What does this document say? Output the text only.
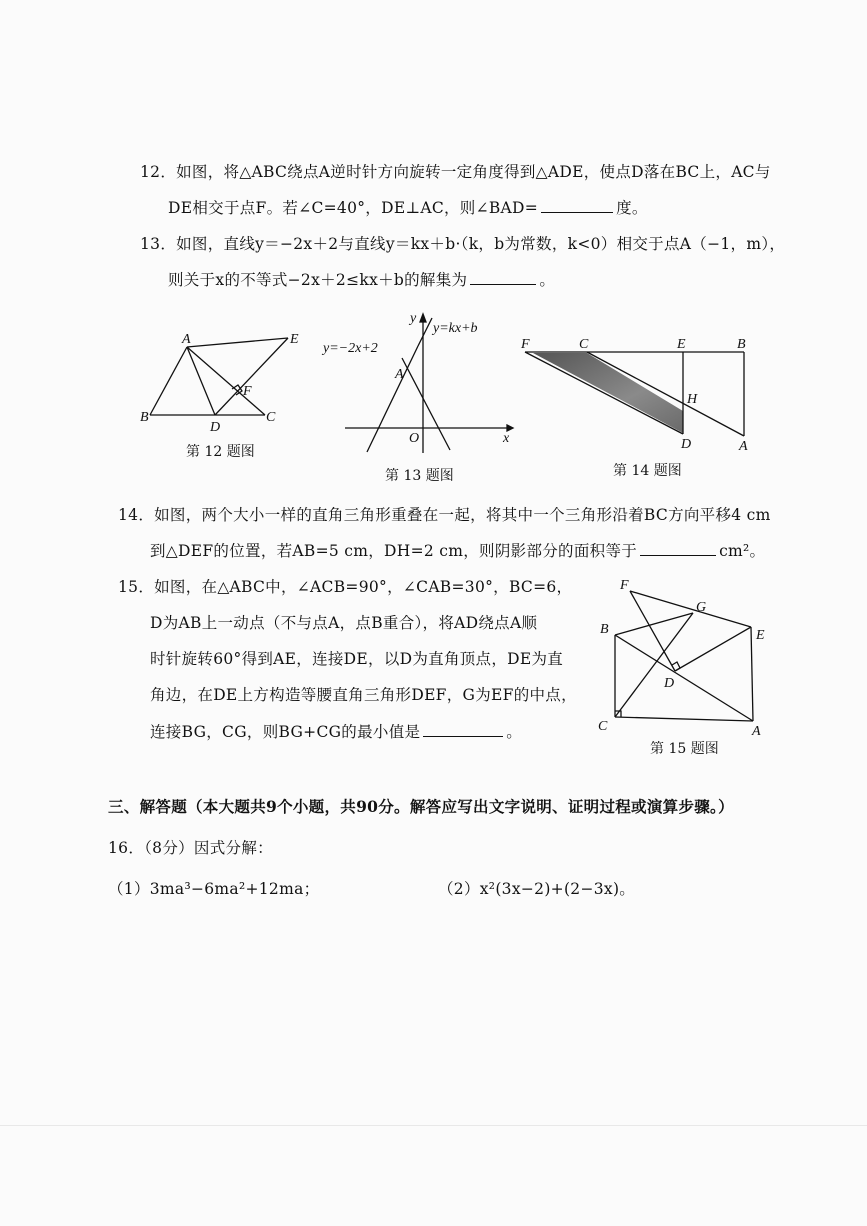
12．如图，将△ABC绕点A逆时针方向旋转一定角度得到△ADE，使点D落在BC上，AC与
DE相交于点F。若∠C=40°，DE⊥AC，则∠BAD=	度。
13．如图，直线y＝−2x＋2与直线y＝kx＋b·（k，b为常数，k<0）相交于点A（−1，m），
则关于x的不等式−2x＋2≤kx＋b的解集为	。
A
B	C
D
E
F
第 12 题图
y
x
O
A
y=−2x+2
y=kx+b
第 13 题图
F	C	E	B
H
D	A
第 14 题图
14．如图，两个大小一样的直角三角形重叠在一起，将其中一个三角形沿着BC方向平移4 cm
到△DEF的位置，若AB=5 cm，DH=2 cm，则阴影部分的面积等于	cm²。
15．如图，在△ABC中，∠ACB=90°，∠CAB=30°，BC=6，
D为AB上一动点（不与点A，点B重合），将AD绕点A顺
时针旋转60°得到AE，连接DE，以D为直角顶点，DE为直
角边，在DE上方构造等腰直角三角形DEF，G为EF的中点，
连接BG，CG，则BG+CG的最小值是	。
F
G
B	E
D
C	A
第 15 题图
三、解答题（本大题共9个小题，共90分。解答应写出文字说明、证明过程或演算步骤。）
16．（8分）因式分解：
（1）3ma³−6ma²+12ma；	（2）x²(3x−2)+(2−3x)。
